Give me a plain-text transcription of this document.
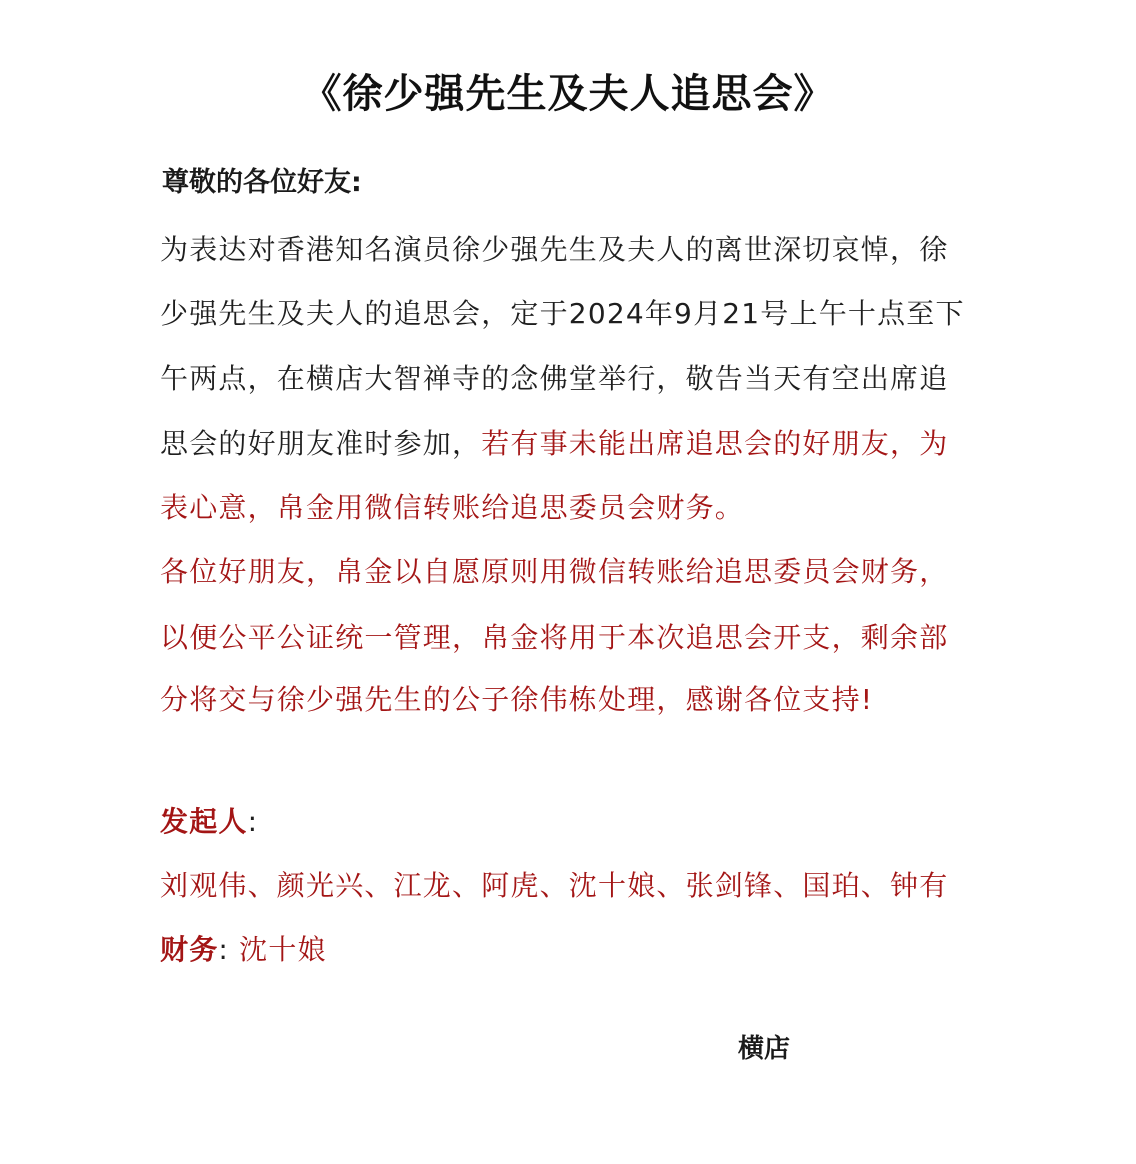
《徐少强先生及夫人追思会》
尊敬的各位好友:
为表达对香港知名演员徐少强先生及夫人的离世深切哀悼，徐
少强先生及夫人的追思会，定于2024年9月21号上午十点至下
午两点，在横店大智禅寺的念佛堂举行，敬告当天有空出席追
思会的好朋友准时参加，若有事未能出席追思会的好朋友，为
表心意，帛金用微信转账给追思委员会财务。
各位好朋友，帛金以自愿原则用微信转账给追思委员会财务，
以便公平公证统一管理，帛金将用于本次追思会开支，剩余部
分将交与徐少强先生的公子徐伟栋处理，感谢各位支持!
发起人:
刘观伟、颜光兴、江龙、阿虎、沈十娘、张剑锋、国珀、钟有
财务: 沈十娘
横店
